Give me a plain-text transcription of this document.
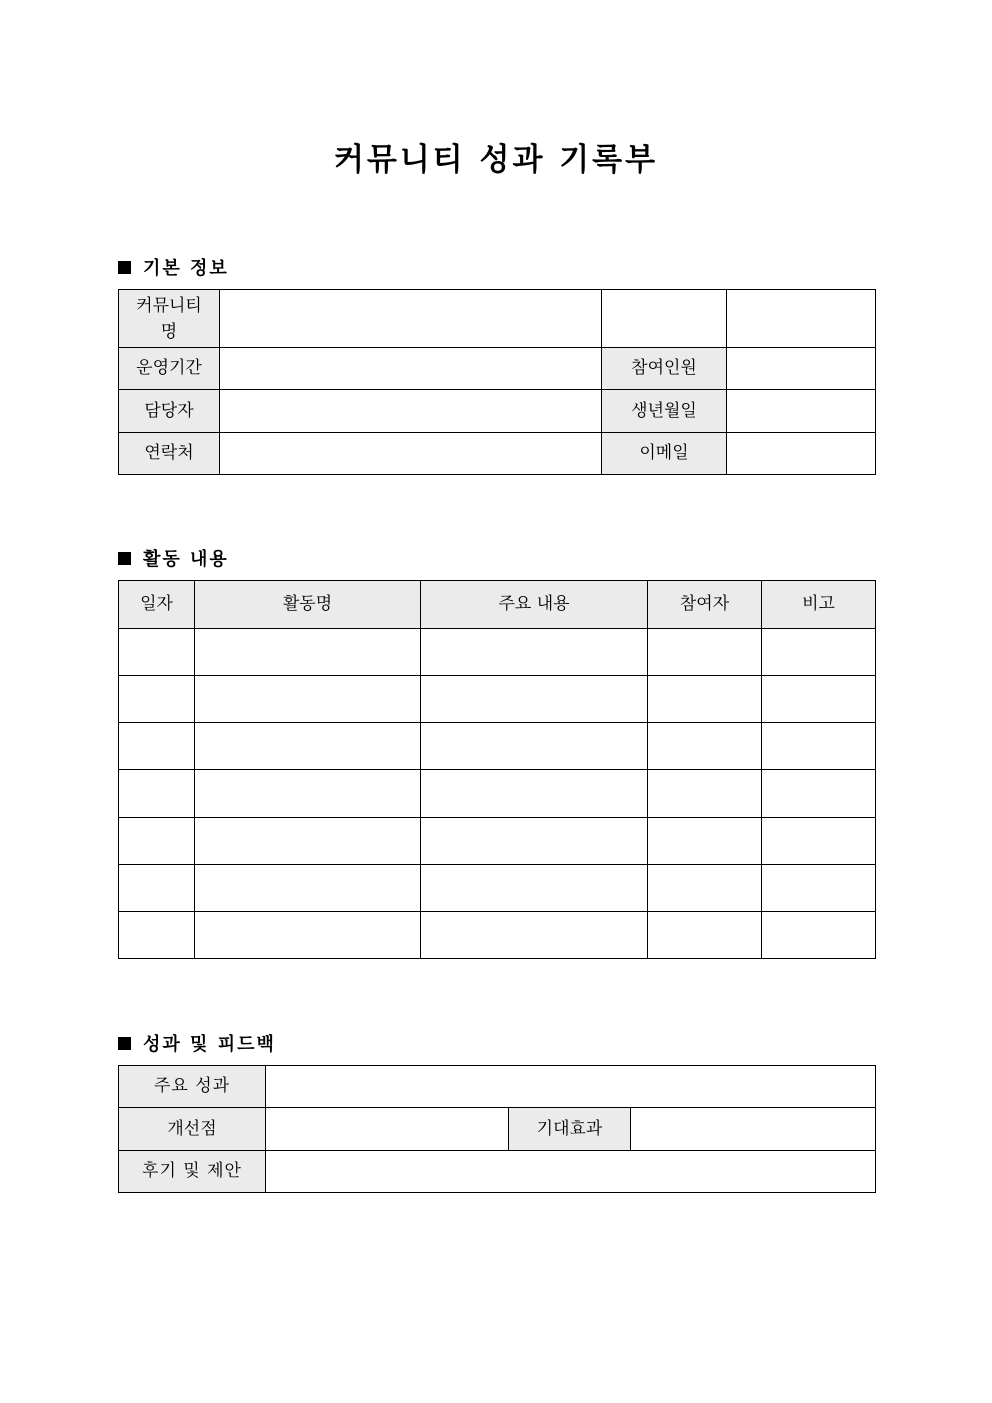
커뮤니티 성과 기록부
기본 정보
커뮤니티
명			

운영기간		참여인원	
담당자		생년월일	
연락처		이메일	
활동 내용
일자	활동명	주요 내용	참여자	비고

성과 및 피드백
주요 성과			
개선점		기대효과	
후기 및 제안			
